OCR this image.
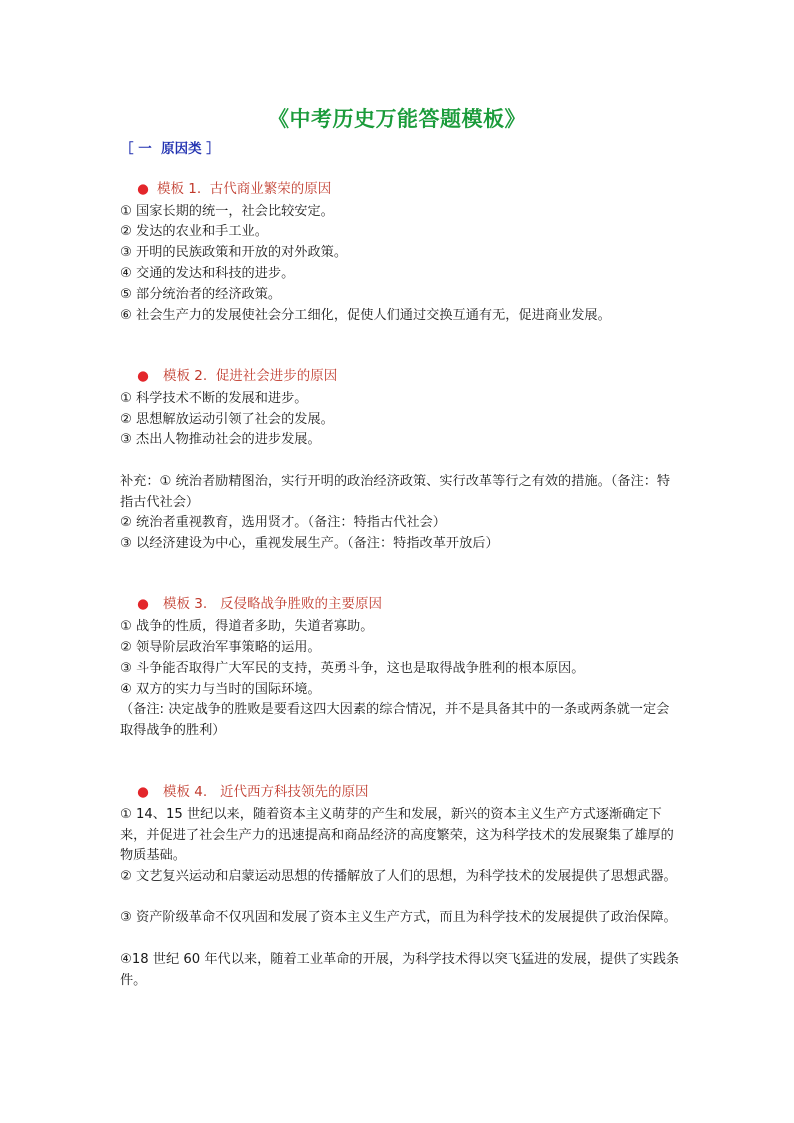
《中考历史万能答题模板》
［ 一  原因类 ］

● 模板 1.  古代商业繁荣的原因

① 国家长期的统一，社会比较安定。
② 发达的农业和手工业。
③ 开明的民族政策和开放的对外政策。
④ 交通的发达和科技的进步。
⑤ 部分统治者的经济政策。
⑥ 社会生产力的发展使社会分工细化，促使人们通过交换互通有无，促进商业发展。

● 模板 2.  促进社会进步的原因

① 科学技术不断的发展和进步。
② 思想解放运动引领了社会的发展。
③ 杰出人物推动社会的进步发展。
补充：① 统治者励精图治，实行开明的政治经济政策、实行改革等行之有效的措施。（备注：特指古代社会）
② 统治者重视教育，选用贤才。（备注：特指古代社会）
③ 以经济建设为中心，重视发展生产。（备注：特指改革开放后）

● 模板 3.   反侵略战争胜败的主要原因

① 战争的性质，得道者多助，失道者寡助。
② 领导阶层政治军事策略的运用。
③ 斗争能否取得广大军民的支持，英勇斗争，这也是取得战争胜利的根本原因。
④ 双方的实力与当时的国际环境。
（备注: 决定战争的胜败是要看这四大因素的综合情况，并不是具备其中的一条或两条就一定会取得战争的胜利）

● 模板 4.   近代西方科技领先的原因

① 14、15 世纪以来，随着资本主义萌芽的产生和发展，新兴的资本主义生产方式逐渐确定下来，并促进了社会生产力的迅速提高和商品经济的高度繁荣，这为科学技术的发展聚集了雄厚的物质基础。
② 文艺复兴运动和启蒙运动思想的传播解放了人们的思想，为科学技术的发展提供了思想武器。
③ 资产阶级革命不仅巩固和发展了资本主义生产方式，而且为科学技术的发展提供了政治保障。
④18 世纪 60 年代以来，随着工业革命的开展，为科学技术得以突飞猛进的发展，提供了实践条件。
